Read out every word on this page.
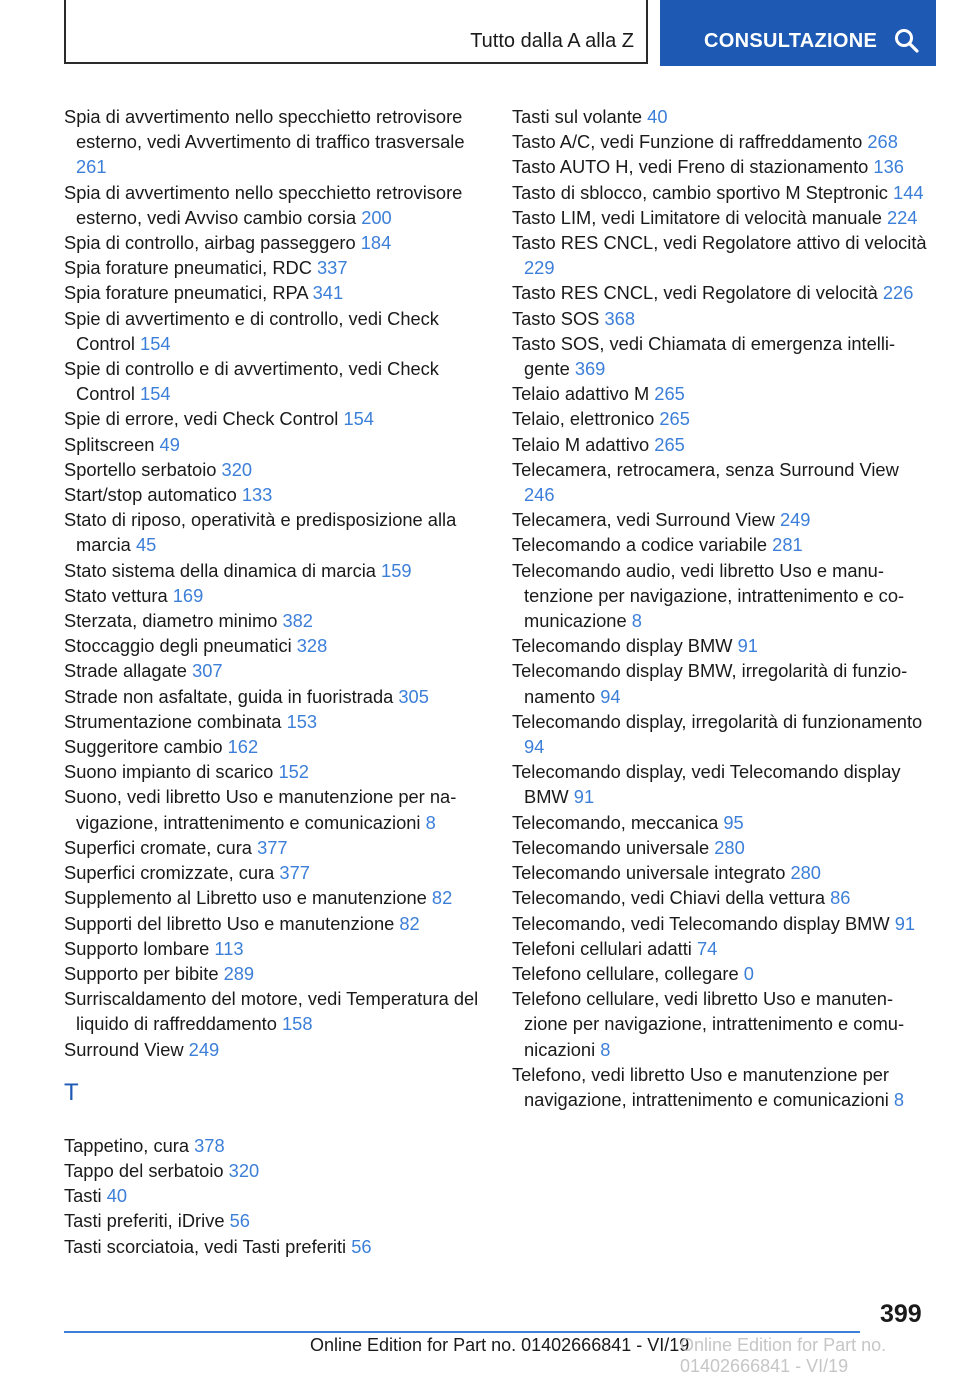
Tutto dalla A alla Z	CONSULTAZIONE
Spia di avvertimento nello specchietto retrovisore esterno, vedi Avvertimento di traffico trasversale 261
Spia di avvertimento nello specchietto retrovisore esterno, vedi Avviso cambio corsia 200
Spia di controllo, airbag passeggero 184
Spia forature pneumatici, RDC 337
Spia forature pneumatici, RPA 341
Spie di avvertimento e di controllo, vedi Check Control 154
Spie di controllo e di avvertimento, vedi Check Control 154
Spie di errore, vedi Check Control 154
Splitscreen 49
Sportello serbatoio 320
Start/stop automatico 133
Stato di riposo, operatività e predisposizione alla marcia 45
Stato sistema della dinamica di marcia 159
Stato vettura 169
Sterzata, diametro minimo 382
Stoccaggio degli pneumatici 328
Strade allagate 307
Strade non asfaltate, guida in fuoristrada 305
Strumentazione combinata 153
Suggeritore cambio 162
Suono impianto di scarico 152
Suono, vedi libretto Uso e manutenzione per navigazione, intrattenimento e comunicazioni 8
Superfici cromate, cura 377
Superfici cromizzate, cura 377
Supplemento al Libretto uso e manutenzione 82
Supporti del libretto Uso e manutenzione 82
Supporto lombare 113
Supporto per bibite 289
Surriscaldamento del motore, vedi Temperatura del liquido di raffreddamento 158
Surround View 249
T
Tappetino, cura 378
Tappo del serbatoio 320
Tasti 40
Tasti preferiti, iDrive 56
Tasti scorciatoia, vedi Tasti preferiti 56
Tasti sul volante 40
Tasto A/C, vedi Funzione di raffreddamento 268
Tasto AUTO H, vedi Freno di stazionamento 136
Tasto di sblocco, cambio sportivo M Steptronic 144
Tasto LIM, vedi Limitatore di velocità manuale 224
Tasto RES CNCL, vedi Regolatore attivo di velocità 229
Tasto RES CNCL, vedi Regolatore di velocità 226
Tasto SOS 368
Tasto SOS, vedi Chiamata di emergenza intelligente 369
Telaio adattivo M 265
Telaio, elettronico 265
Telaio M adattivo 265
Telecamera, retrocamera, senza Surround View 246
Telecamera, vedi Surround View 249
Telecomando a codice variabile 281
Telecomando audio, vedi libretto Uso e manutenzione per navigazione, intrattenimento e comunicazione 8
Telecomando display BMW 91
Telecomando display BMW, irregolarità di funzionamento 94
Telecomando display, irregolarità di funzionamento 94
Telecomando display, vedi Telecomando display BMW 91
Telecomando, meccanica 95
Telecomando universale 280
Telecomando universale integrato 280
Telecomando, vedi Chiavi della vettura 86
Telecomando, vedi Telecomando display BMW 91
Telefoni cellulari adatti 74
Telefono cellulare, collegare 0
Telefono cellulare, vedi libretto Uso e manutenzione per navigazione, intrattenimento e comunicazioni 8
Telefono, vedi libretto Uso e manutenzione per navigazione, intrattenimento e comunicazioni 8
399
Online Edition for Part no. 01402666841 - VI/19
Online Edition for Part no. 01402666841 - VI/19
